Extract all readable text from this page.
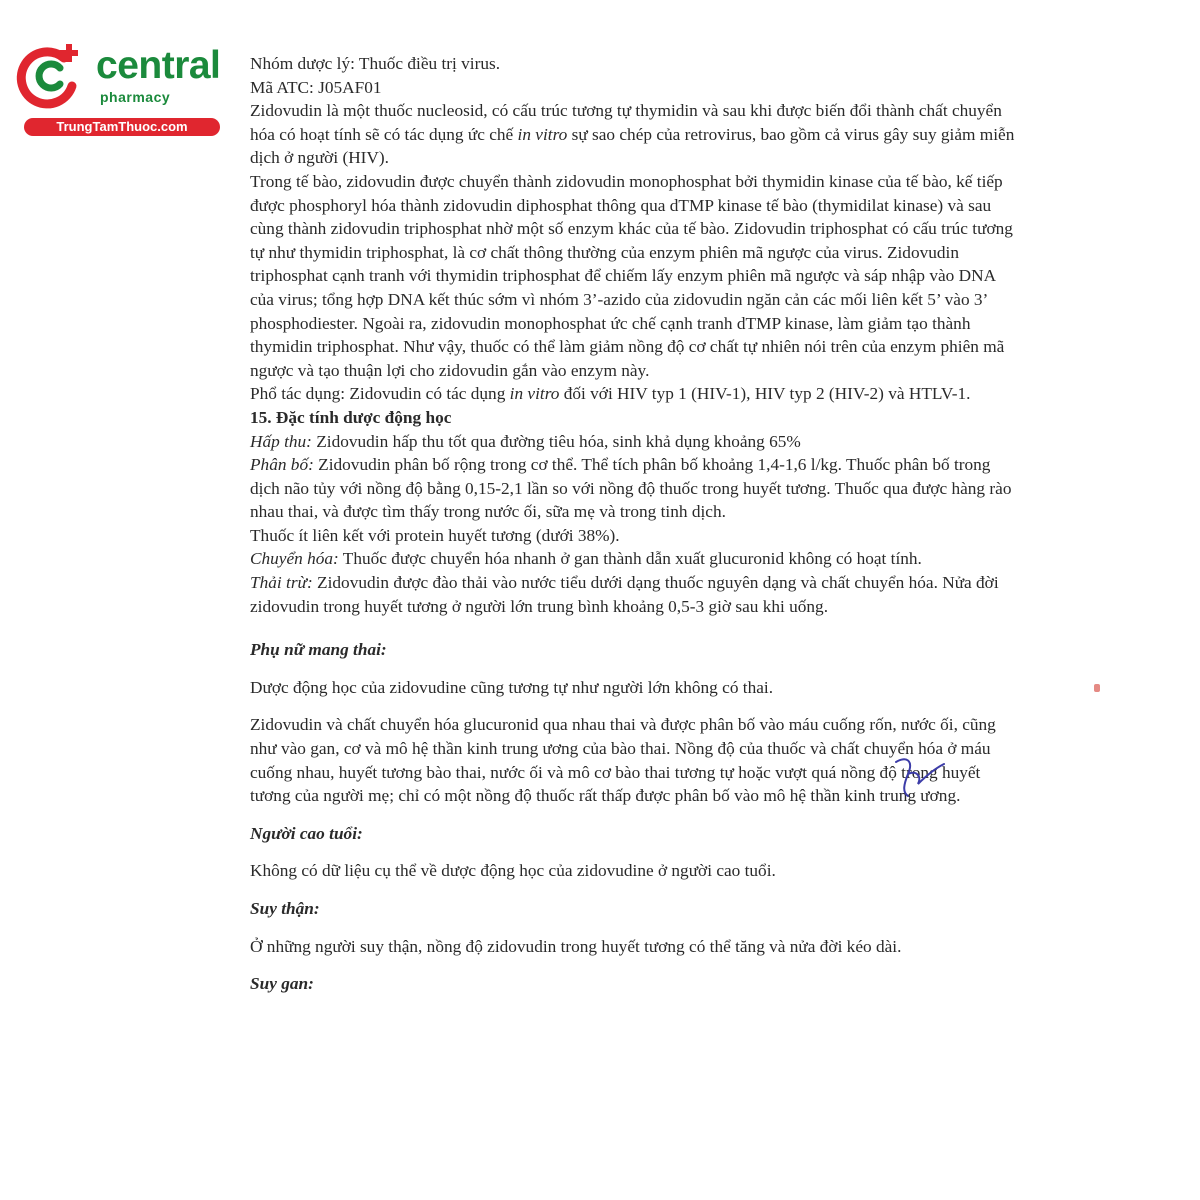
central
pharmacy
TrungTamThuoc.com

Nhóm dược lý: Thuốc điều trị virus.

Mã ATC: J05AF01

Zidovudin là một thuốc nucleosid, có cấu trúc tương tự thymidin và sau khi được biến đổi thành chất chuyển hóa có hoạt tính sẽ có tác dụng ức chế in vitro sự sao chép của retrovirus, bao gồm cả virus gây suy giảm miễn dịch ở người (HIV).

Trong tế bào, zidovudin được chuyển thành zidovudin monophosphat bởi thymidin kinase của tế bào, kế tiếp được phosphoryl hóa thành zidovudin diphosphat thông qua dTMP kinase tế bào (thymidilat kinase) và sau cùng thành zidovudin triphosphat nhờ một số enzym khác của tế bào. Zidovudin triphosphat có cấu trúc tương tự như thymidin triphosphat, là cơ chất thông thường của enzym phiên mã ngược của virus. Zidovudin triphosphat cạnh tranh với thymidin triphosphat để chiếm lấy enzym phiên mã ngược và sáp nhập vào DNA của virus; tổng hợp DNA kết thúc sớm vì nhóm 3’-azido của zidovudin ngăn cản các mối liên kết 5’ vào 3’ phosphodiester. Ngoài ra, zidovudin monophosphat ức chế cạnh tranh dTMP kinase, làm giảm tạo thành thymidin triphosphat. Như vậy, thuốc có thể làm giảm nồng độ cơ chất tự nhiên nói trên của enzym phiên mã ngược và tạo thuận lợi cho zidovudin gắn vào enzym này.

Phổ tác dụng: Zidovudin có tác dụng in vitro đối với HIV typ 1 (HIV-1), HIV typ 2 (HIV-2) và HTLV-1.

15. Đặc tính dược động học

Hấp thu: Zidovudin hấp thu tốt qua đường tiêu hóa, sinh khả dụng khoảng 65%

Phân bố: Zidovudin phân bố rộng trong cơ thể. Thể tích phân bố khoảng 1,4-1,6 l/kg. Thuốc phân bố trong dịch não tủy với nồng độ bằng 0,15-2,1 lần so với nồng độ thuốc trong huyết tương. Thuốc qua được hàng rào nhau thai, và được tìm thấy trong nước ối, sữa mẹ và trong tinh dịch.

Thuốc ít liên kết với protein huyết tương (dưới 38%).

Chuyển hóa: Thuốc được chuyển hóa nhanh ở gan thành dẫn xuất glucuronid không có hoạt tính.

Thải trừ: Zidovudin được đào thải vào nước tiểu dưới dạng thuốc nguyên dạng và chất chuyển hóa. Nửa đời zidovudin trong huyết tương ở người lớn trung bình khoảng 0,5-3 giờ sau khi uống.

Phụ nữ mang thai:

Dược động học của zidovudine cũng tương tự như người lớn không có thai.

Zidovudin và chất chuyển hóa glucuronid qua nhau thai và được phân bố vào máu cuống rốn, nước ối, cũng như vào gan, cơ và mô hệ thần kinh trung ương của bào thai. Nồng độ của thuốc và chất chuyển hóa ở máu cuống nhau, huyết tương bào thai, nước ối và mô cơ bào thai tương tự hoặc vượt quá nồng độ trong huyết tương của người mẹ; chỉ có một nồng độ thuốc rất thấp được phân bố vào mô hệ thần kinh trung ương.

Người cao tuổi:

Không có dữ liệu cụ thể về dược động học của zidovudine ở người cao tuổi.

Suy thận:

Ở những người suy thận, nồng độ zidovudin trong huyết tương có thể tăng và nửa đời kéo dài.

Suy gan:
